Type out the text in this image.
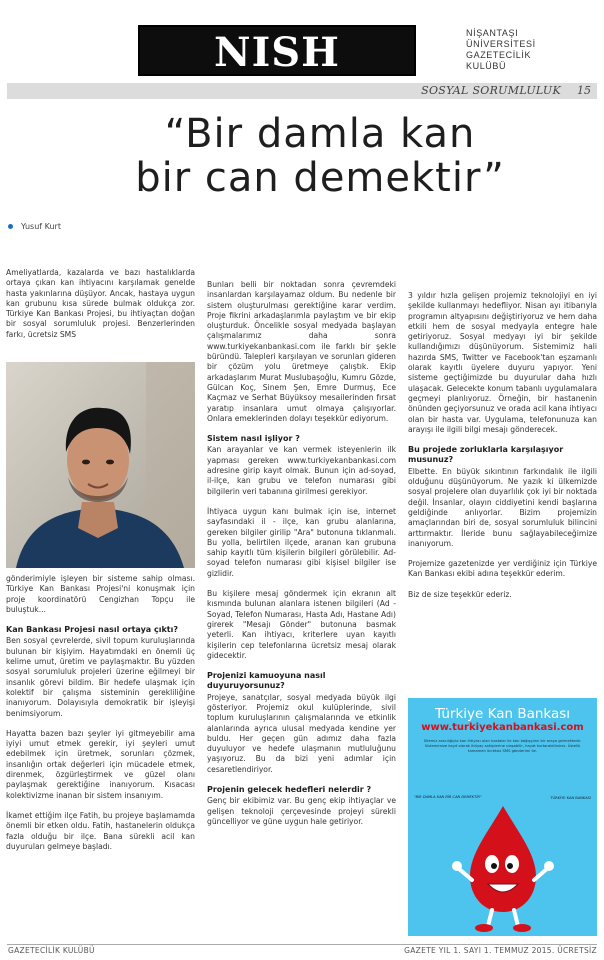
NISH	NİŞANTAŞI
ÜNİVERSİTESİ
GAZETECİLİK
KULÜBÜ
SOSYAL SORUMLULUK 15
“Bir damla kan
bir can demektir”
Yusuf Kurt

Ameliyatlarda, kazalarda ve bazı hastalıklarda ortaya çıkan kan ihtiyacını karşılamak genelde hasta yakınlarına düşüyor. Ancak, hastaya uygun kan grubunu kısa sürede bulmak oldukça zor. Türkiye Kan Bankası Projesi, bu ihtiyaçtan doğan bir sosyal sorumluluk projesi. Benzerlerinden farkı, ücretsiz SMS

gönderimiyle işleyen bir sisteme sahip olması. Türkiye Kan Bankası Projesi'ni konuşmak için proje koordinatörü Cengizhan Topçu ile buluştuk...

Kan Bankası Projesi nasıl ortaya çıktı?

Ben sosyal çevrelerde, sivil topum kuruluşlarında bulunan bir kişiyim. Hayatımdaki en önemli üç kelime umut, üretim ve paylaşmaktır. Bu yüzden sosyal sorumluluk projeleri üzerine eğilmeyi bir insanlık görevi bildim. Bir hedefe ulaşmak için kolektif bir çalışma sisteminin gerekliliğine inanıyorum. Dolayısıyla demokratik bir işleyişi benimsiyorum.

Hayatta bazen bazı şeyler iyi gitmeyebilir ama iyiyi umut etmek gerekir, iyi şeyleri umut edebilmek için üretmek, sorunları çözmek, insanlığın ortak değerleri için mücadele etmek, direnmek, özgürleştirmek ve güzel olanı paylaşmak gerektiğine inanıyorum. Kısacası kolektivizme inanan bir sistem insanıyım.

İkamet ettiğim ilçe Fatih, bu projeye başlamamda önemli bir etken oldu. Fatih, hastanelerin oldukça fazla olduğu bir ilçe. Bana sürekli acil kan duyuruları gelmeye başladı.

Bunları belli bir noktadan sonra çevremdeki insanlardan karşılayamaz oldum. Bu nedenle bir sistem oluşturulması gerektiğine karar verdim. Proje fikrini arkadaşlarımla paylaştım ve bir ekip oluşturduk. Öncelikle sosyal medyada başlayan çalışmalarımız daha sonra www.turkiyekanbankasi.com ile farklı bir şekle büründü. Talepleri karşılayan ve sorunları gideren bir çözüm yolu üretmeye çalıştık. Ekip arkadaşlarım Murat Muslubaşoğlu, Kumru Gözde, Gülcan Koç, Sinem Şen, Emre Durmuş, Ece Kaçmaz ve Serhat Büyüksoy mesailerinden fırsat yaratıp insanlara umut olmaya çalışıyorlar. Onlara emeklerinden dolayı teşekkür ediyorum.

Sistem nasıl işliyor ?

Kan arayanlar ve kan vermek isteyenlerin ilk yapması gereken www.turkiyekanbankasi.com adresine girip kayıt olmak. Bunun için ad-soyad, il-ilçe, kan grubu ve telefon numarası gibi bilgilerin veri tabanına girilmesi gerekiyor.

İhtiyaca uygun kanı bulmak için ise, internet sayfasındaki il - ilçe, kan grubu alanlarına, gereken bilgiler girilip "Ara" butonuna tıklanmalı. Bu yolla, belirtilen ilçede, aranan kan grubuna sahip kayıtlı tüm kişilerin bilgileri görülebilir. Ad-soyad telefon numarası gibi kişisel bilgiler ise gizlidir.

Bu kişilere mesaj göndermek için ekranın alt kısmında bulunan alanlara istenen bilgileri (Ad - Soyad, Telefon Numarası, Hasta Adı, Hastane Adı) girerek "Mesajı Gönder" butonuna basmak yeterli. Kan ihtiyacı, kriterlere uyan kayıtlı kişilerin cep telefonlarına ücretsiz mesaj olarak gidecektir.

Projenizi kamuoyuna nasıl duyuruyorsunuz?

Projeye, sanatçılar, sosyal medyada büyük ilgi gösteriyor. Projemiz okul kulüplerinde, sivil toplum kuruluşlarının çalışmalarında ve etkinlik alanlarında ayrıca ulusal medyada kendine yer buldu. Her geçen gün adımız daha fazla duyuluyor ve hedefe ulaşmanın mutluluğunu yaşıyoruz. Bu da bizi yeni adımlar için cesaretlendiriyor.

Projenin gelecek hedefleri nelerdir ?

Genç bir ekibimiz var. Bu genç ekip ihtiyaçlar ve gelişen teknoloji çerçevesinde projeyi sürekli güncelliyor ve güne uygun hale getiriyor.

3 yıldır hızla gelişen projemiz teknolojiyi en iyi şekilde kullanmayı hedefliyor. Nisan ayı itibarıyla programın altyapısını değiştiriyoruz ve hem daha etkili hem de sosyal medyayla entegre hale getiriyoruz. Sosyal medyayı iyi bir şekilde kullandığımızı düşünüyorum. Sistemimiz hali hazırda SMS, Twitter ve Facebook'tan eşzamanlı olarak kayıtlı üyelere duyuru yapıyor. Yeni sisteme geçtiğimizde bu duyurular daha hızlı ulaşacak. Gelecekte konum tabanlı uygulamalara geçmeyi planlıyoruz. Örneğin, bir hastanenin önünden geçiyorsunuz ve orada acil kana ihtiyacı olan bir hasta var. Uygulama, telefonunuza kan arayışı ile ilgili bilgi mesajı gönderecek.

Bu projede zorluklarla karşılaşıyor musunuz?

Elbette. En büyük sıkıntının farkındalık ile ilgili olduğunu düşünüyorum. Ne yazık ki ülkemizde sosyal projelere olan duyarlılık çok iyi bir noktada değil. İnsanlar, olayın ciddiyetini kendi başlarına geldiğinde anlıyorlar. Bizim projemizin amaçlarından biri de, sosyal sorumluluk bilincini arttırmaktır. İleride bunu sağlayabileceğimize inanıyorum.

Projemize gazetenizde yer verdiğiniz için Türkiye Kan Bankası ekibi adına teşekkür ederim.

Biz de size teşekkür ederiz.

Türkiye Kan Bankası
www.turkiyekanbankasi.com
Sitemiz aracılığıyla kan ihtiyacı olan hastalar ile kan bağışçıları bir araya gelmektedir. Sistemimize kayıt olarak ihtiyaç sahiplerine ulaşabilir, hayat kurtarabilirsiniz. Üstelik tamamen ücretsiz SMS gönderimi ile.
"BİR DAMLA KAN BİR CAN DEMEKTİR"	TÜRKİYE KAN BANKASI
GAZETECİLİK KULÜBÜ	GAZETE YIL 1. SAYI 1. TEMMUZ 2015. ÜCRETSİZ
